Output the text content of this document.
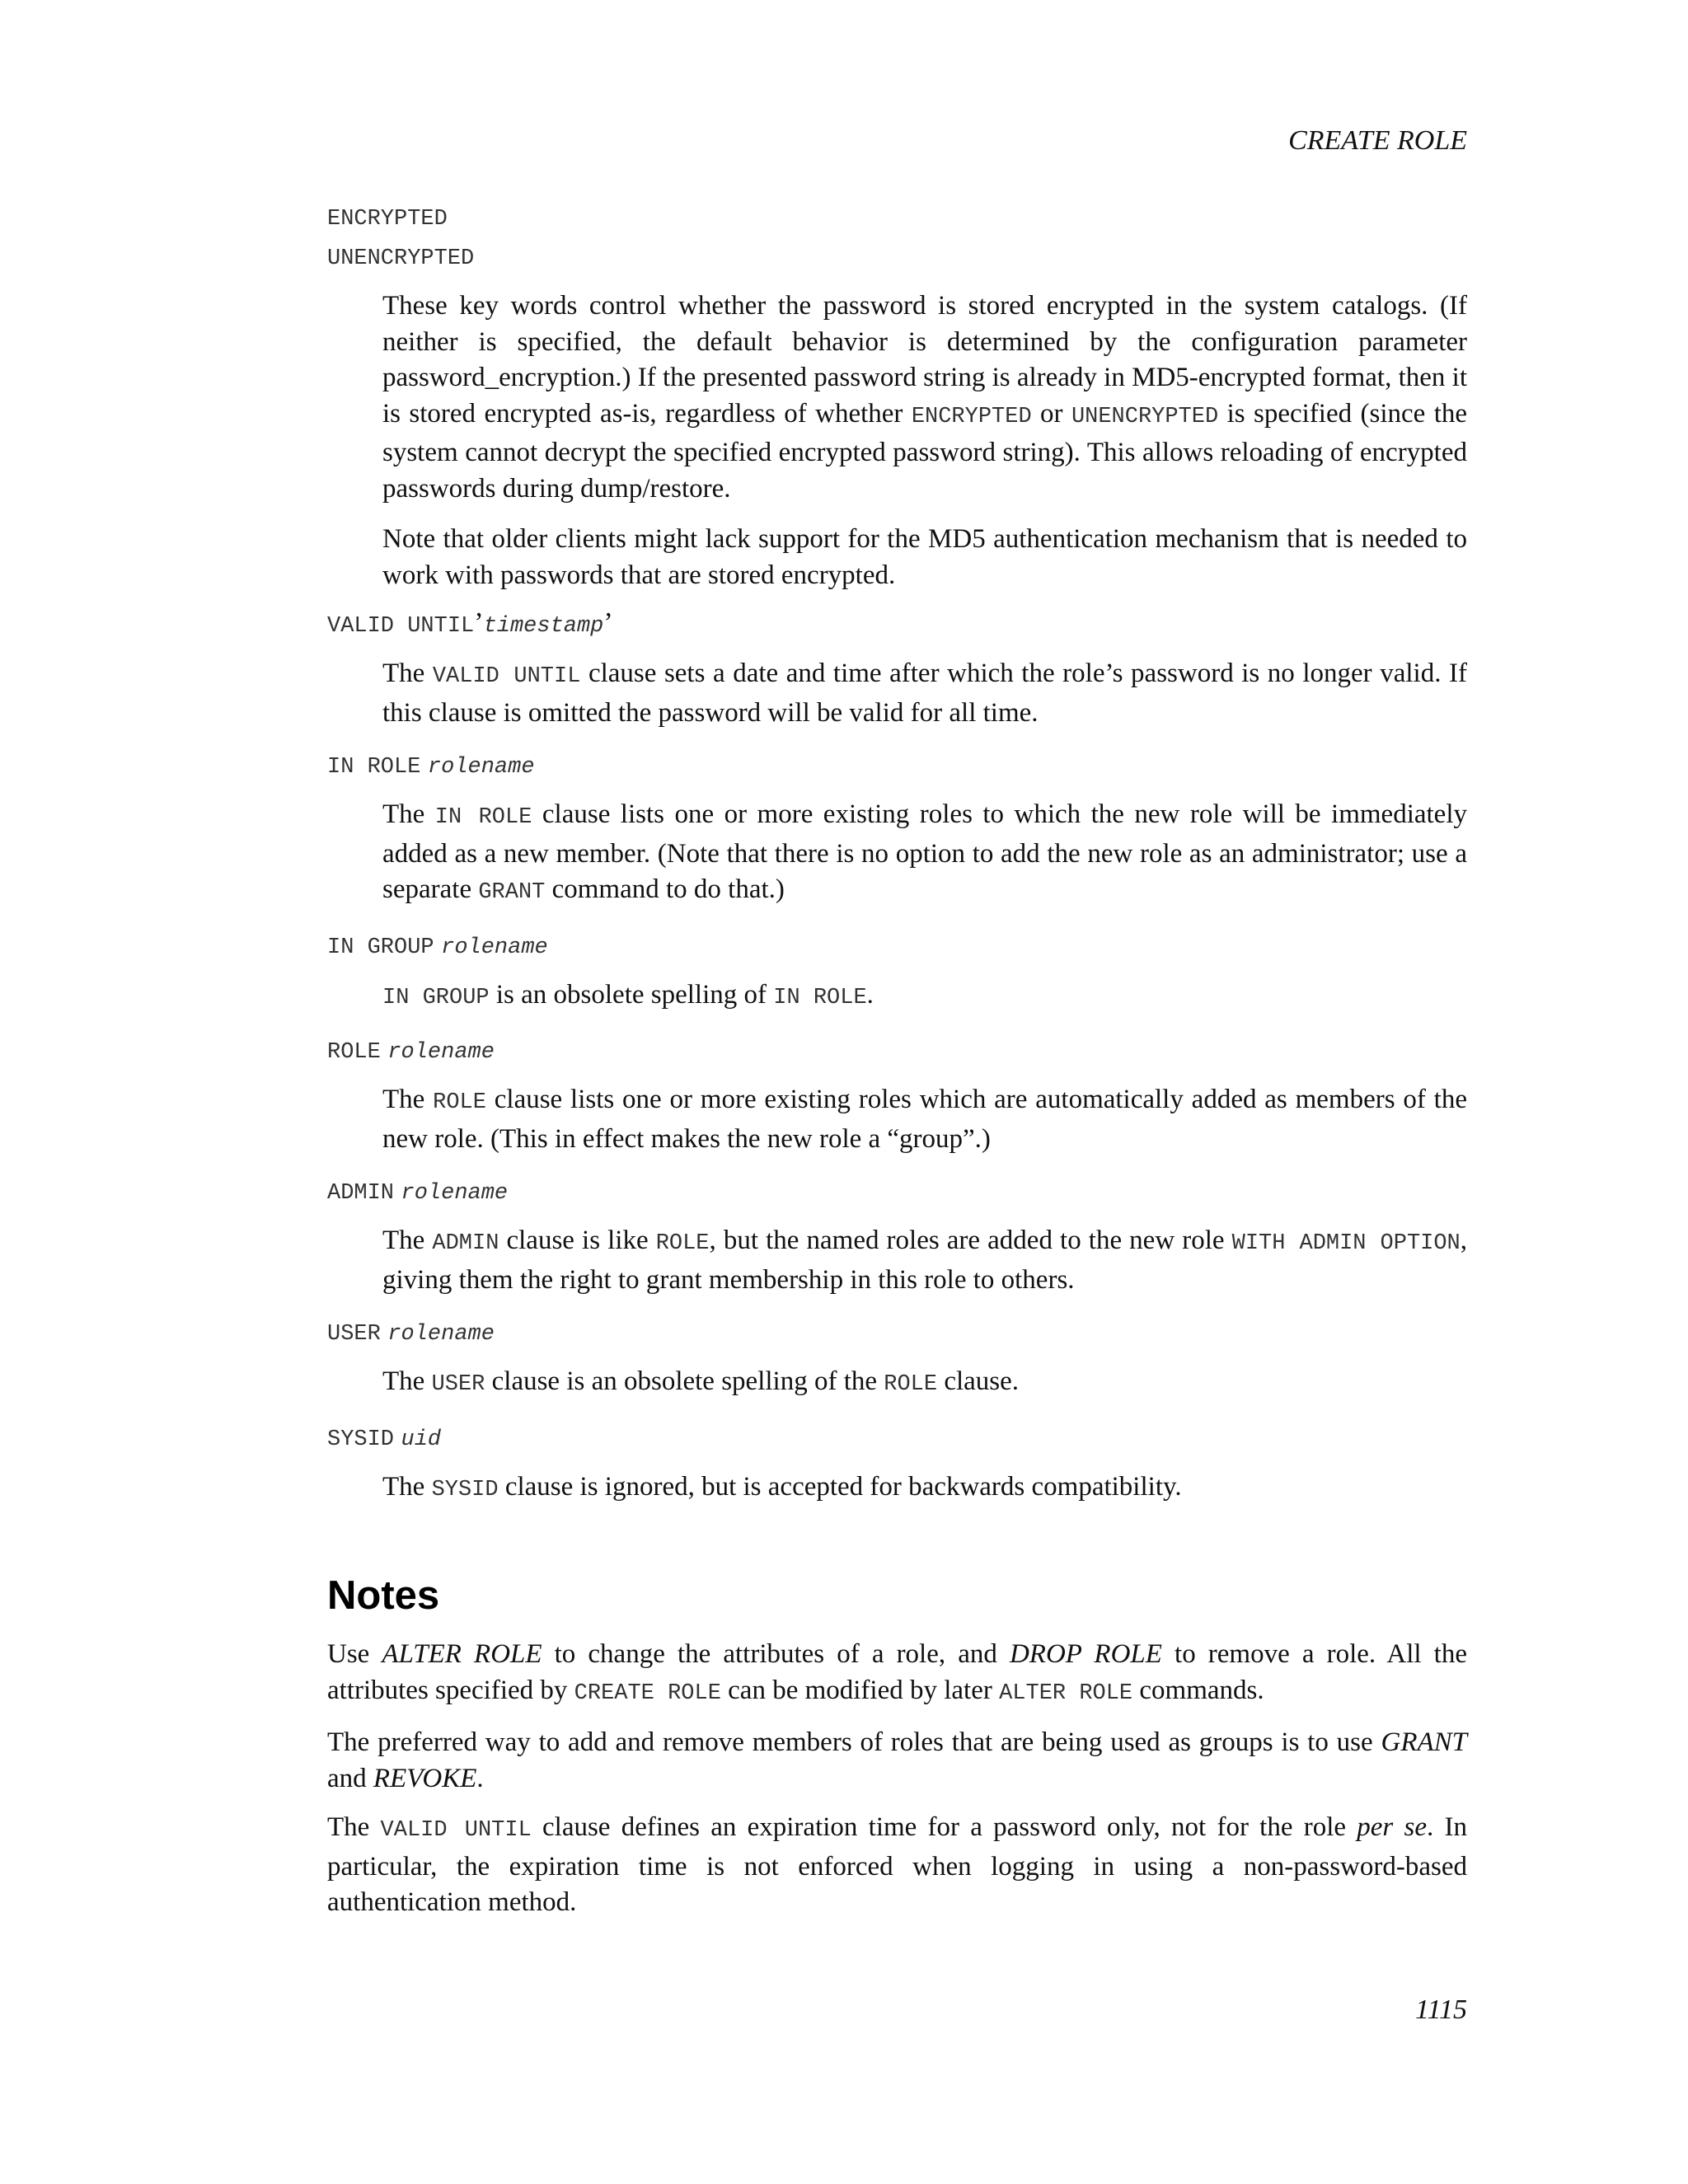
CREATE ROLE

ENCRYPTED

UNENCRYPTED

These key words control whether the password is stored encrypted in the system catalogs. (If neither is specified, the default behavior is determined by the configuration parameter password_encryption.) If the presented password string is already in MD5-encrypted format, then it is stored encrypted as-is, regardless of whether ENCRYPTED or UNENCRYPTED is specified (since the system cannot decrypt the specified encrypted password string). This allows reloading of encrypted passwords during dump/restore.

Note that older clients might lack support for the MD5 authentication mechanism that is needed to work with passwords that are stored encrypted.

VALID UNTIL’timestamp’

The VALID UNTIL clause sets a date and time after which the role’s password is no longer valid. If this clause is omitted the password will be valid for all time.

IN ROLE rolename

The IN ROLE clause lists one or more existing roles to which the new role will be immediately added as a new member. (Note that there is no option to add the new role as an administrator; use a separate GRANT command to do that.)

IN GROUP rolename

IN GROUP is an obsolete spelling of IN ROLE.

ROLE rolename

The ROLE clause lists one or more existing roles which are automatically added as members of the new role. (This in effect makes the new role a “group”.)

ADMIN rolename

The ADMIN clause is like ROLE, but the named roles are added to the new role WITH ADMIN OPTION, giving them the right to grant membership in this role to others.

USER rolename

The USER clause is an obsolete spelling of the ROLE clause.

SYSID uid

The SYSID clause is ignored, but is accepted for backwards compatibility.

Notes

Use ALTER ROLE to change the attributes of a role, and DROP ROLE to remove a role. All the attributes specified by CREATE ROLE can be modified by later ALTER ROLE commands.

The preferred way to add and remove members of roles that are being used as groups is to use GRANT and REVOKE.

The VALID UNTIL clause defines an expiration time for a password only, not for the role per se. In particular, the expiration time is not enforced when logging in using a non-password-based authentication method.

1115
